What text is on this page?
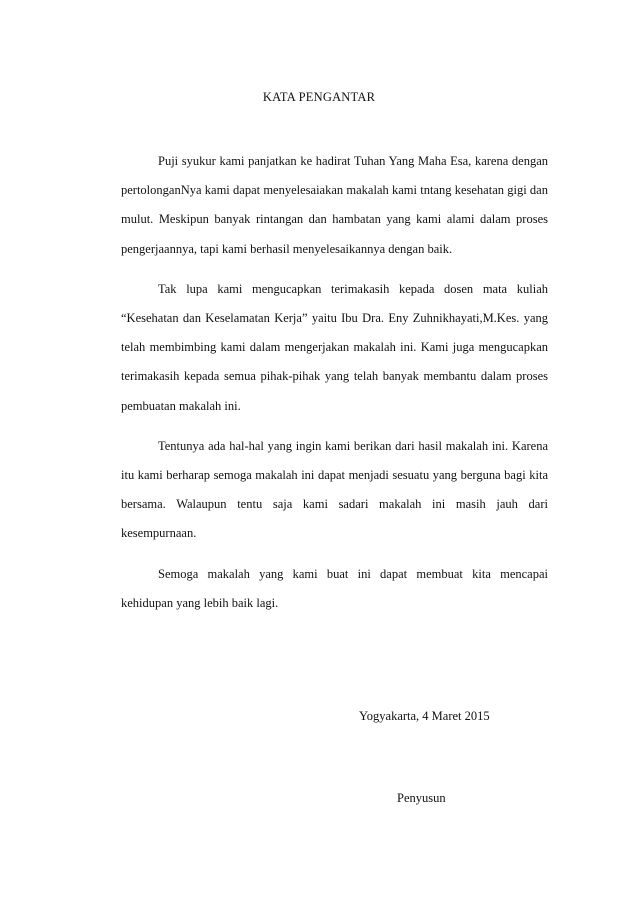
KATA PENGANTAR

Puji syukur kami panjatkan ke hadirat Tuhan Yang Maha Esa, karena dengan pertolonganNya kami dapat menyelesaiakan makalah kami tntang kesehatan gigi dan mulut. Meskipun banyak rintangan dan hambatan yang kami alami dalam proses pengerjaannya, tapi kami berhasil menyelesaikannya dengan baik.

Tak lupa kami mengucapkan terimakasih kepada dosen mata kuliah “Kesehatan dan Keselamatan Kerja” yaitu Ibu Dra. Eny Zuhnikhayati,M.Kes. yang telah membimbing kami dalam mengerjakan makalah ini. Kami juga mengucapkan terimakasih kepada semua pihak-pihak yang telah banyak membantu dalam proses pembuatan makalah ini.

Tentunya ada hal-hal yang ingin kami berikan dari hasil makalah ini. Karena itu kami berharap semoga makalah ini dapat menjadi sesuatu yang berguna bagi kita bersama. Walaupun tentu saja kami sadari makalah ini masih jauh dari kesempurnaan.

Semoga makalah yang kami buat ini dapat membuat kita mencapai kehidupan yang lebih baik lagi.

Yogyakarta, 4 Maret 2015
Penyusun
